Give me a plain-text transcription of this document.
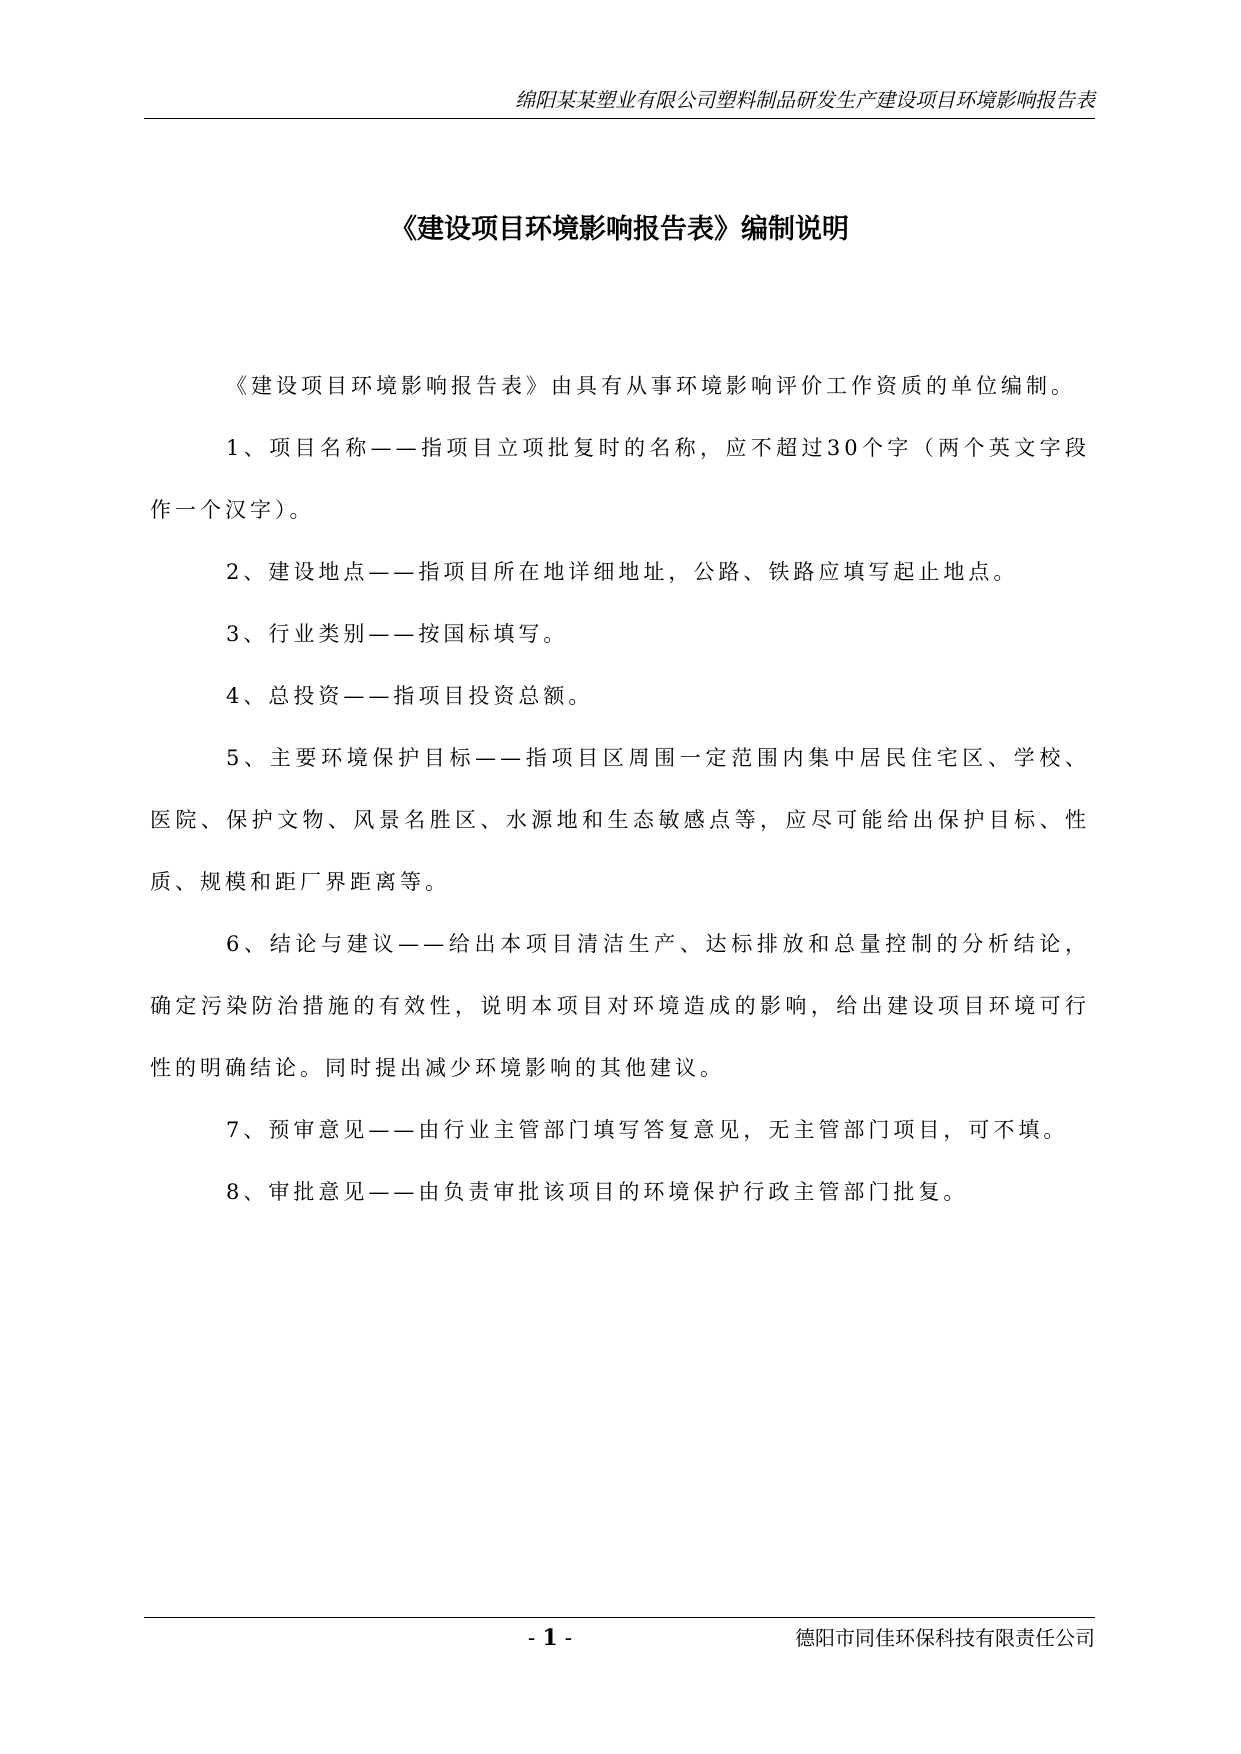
绵阳某某塑业有限公司塑料制品研发生产建设项目环境影响报告表
《建设项目环境影响报告表》编制说明

《建设项目环境影响报告表》由具有从事环境影响评价工作资质的单位编制。

1、项目名称——指项目立项批复时的名称，应不超过30个字（两个英文字段作一个汉字）。

2、建设地点——指项目所在地详细地址，公路、铁路应填写起止地点。

3、行业类别——按国标填写。

4、总投资——指项目投资总额。

5、主要环境保护目标——指项目区周围一定范围内集中居民住宅区、学校、医院、保护文物、风景名胜区、水源地和生态敏感点等，应尽可能给出保护目标、性质、规模和距厂界距离等。

6、结论与建议——给出本项目清洁生产、达标排放和总量控制的分析结论，确定污染防治措施的有效性，说明本项目对环境造成的影响，给出建设项目环境可行性的明确结论。同时提出减少环境影响的其他建议。

7、预审意见——由行业主管部门填写答复意见，无主管部门项目，可不填。

8、审批意见——由负责审批该项目的环境保护行政主管部门批复。

- 1 -	德阳市同佳环保科技有限责任公司
